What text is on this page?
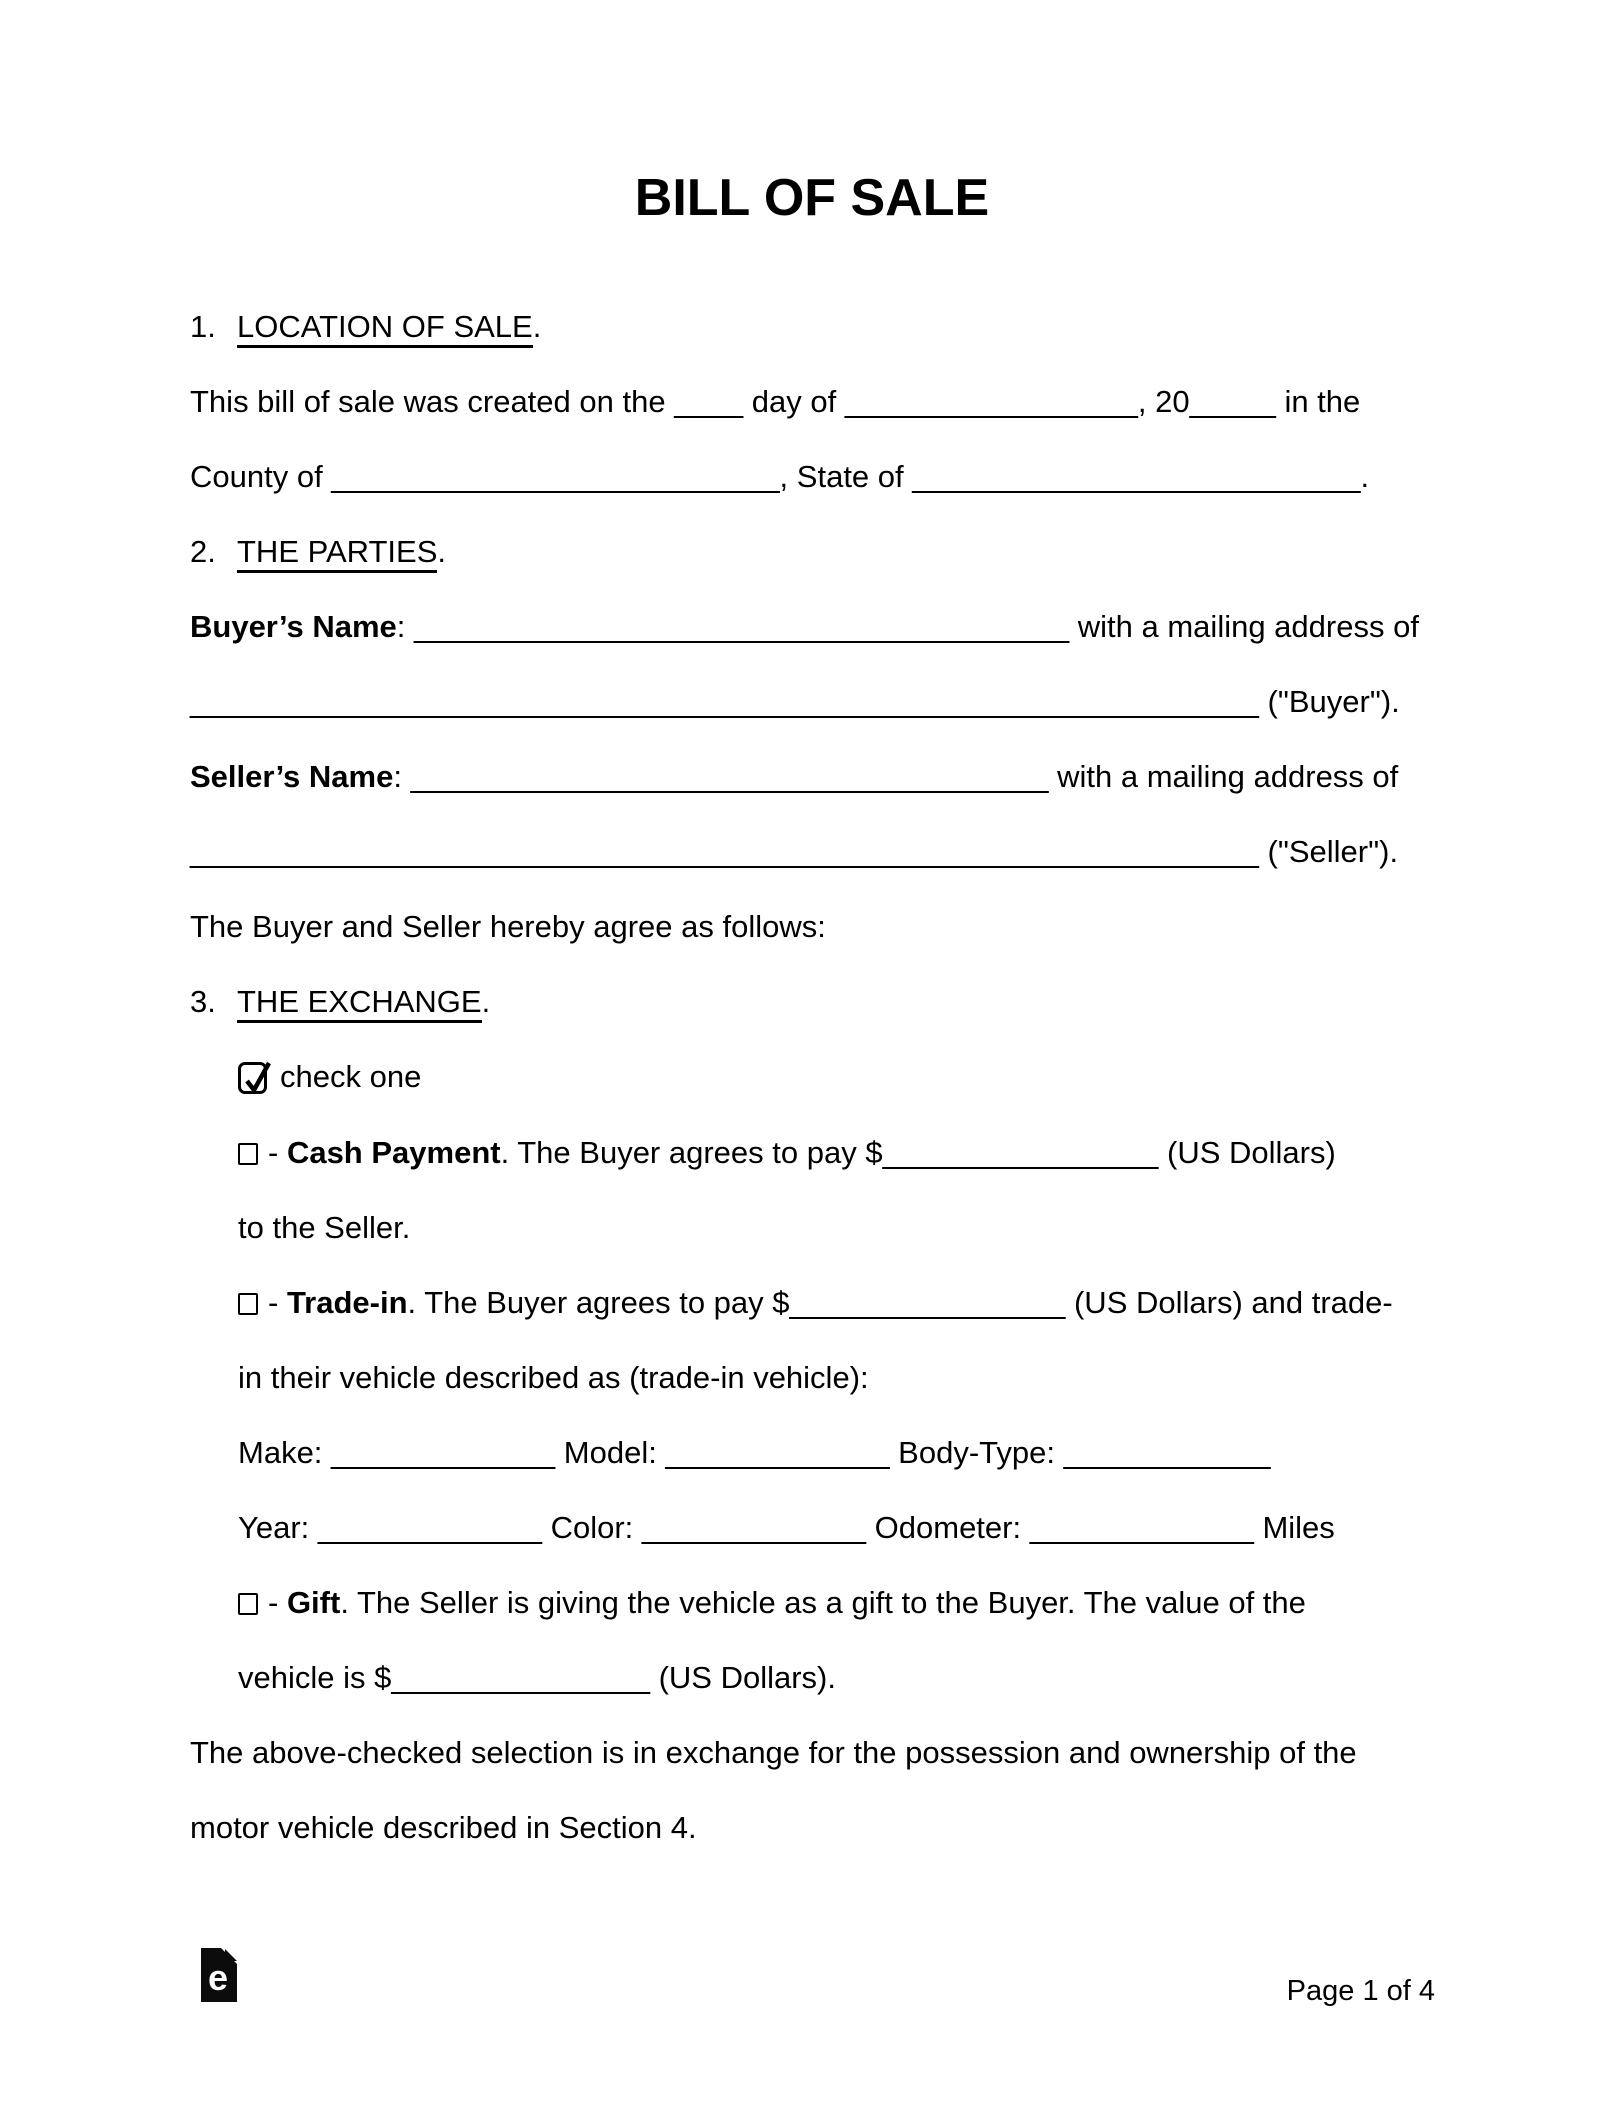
BILL OF SALE

1. LOCATION OF SALE.

This bill of sale was created on the ____ day of _________________, 20_____ in the

County of __________________________, State of __________________________.

2. THE PARTIES.

Buyer’s Name: ______________________________________ with a mailing address of

______________________________________________________________ ("Buyer").

Seller’s Name: _____________________________________ with a mailing address of

______________________________________________________________ ("Seller").

The Buyer and Seller hereby agree as follows:

3. THE EXCHANGE.

check one

- Cash Payment. The Buyer agrees to pay $________________ (US Dollars)

to the Seller.

- Trade-in. The Buyer agrees to pay $________________ (US Dollars) and trade-

in their vehicle described as (trade-in vehicle):

Make: _____________ Model: _____________ Body-Type: ____________

Year: _____________ Color: _____________ Odometer: _____________ Miles

- Gift. The Seller is giving the vehicle as a gift to the Buyer. The value of the

vehicle is $_______________ (US Dollars).

The above-checked selection is in exchange for the possession and ownership of the

motor vehicle described in Section 4.

e	Page 1 of 4
